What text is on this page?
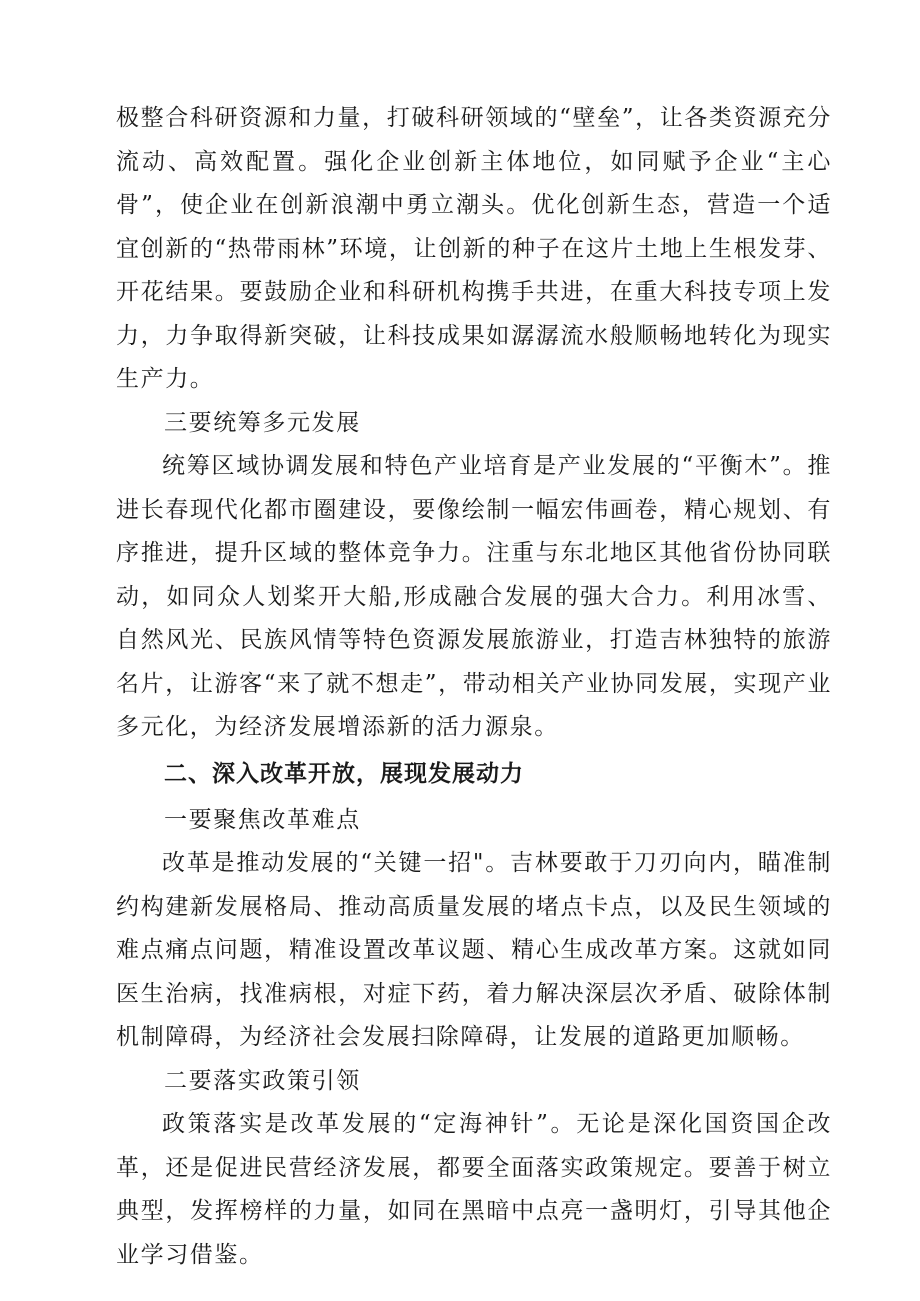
极整合科研资源和力量，打破科研领域的“壁垒”，让各类资源充分流动、高效配置。强化企业创新主体地位，如同赋予企业“主心骨”，使企业在创新浪潮中勇立潮头。优化创新生态，营造一个适宜创新的“热带雨林”环境，让创新的种子在这片土地上生根发芽、开花结果。要鼓励企业和科研机构携手共进，在重大科技专项上发力，力争取得新突破，让科技成果如潺潺流水般顺畅地转化为现实生产力。

三要统筹多元发展

统筹区域协调发展和特色产业培育是产业发展的“平衡木”。推进长春现代化都市圈建设，要像绘制一幅宏伟画卷，精心规划、有序推进，提升区域的整体竞争力。注重与东北地区其他省份协同联动，如同众人划桨开大船,形成融合发展的强大合力。利用冰雪、自然风光、民族风情等特色资源发展旅游业，打造吉林独特的旅游名片，让游客“来了就不想走”，带动相关产业协同发展，实现产业多元化，为经济发展增添新的活力源泉。

二、深入改革开放，展现发展动力

一要聚焦改革难点

改革是推动发展的“关键一招"。吉林要敢于刀刃向内，瞄准制约构建新发展格局、推动高质量发展的堵点卡点，以及民生领域的难点痛点问题，精准设置改革议题、精心生成改革方案。这就如同医生治病，找准病根，对症下药，着力解决深层次矛盾、破除体制机制障碍，为经济社会发展扫除障碍，让发展的道路更加顺畅。

二要落实政策引领

政策落实是改革发展的“定海神针”。无论是深化国资国企改革，还是促进民营经济发展，都要全面落实政策规定。要善于树立典型，发挥榜样的力量，如同在黑暗中点亮一盏明灯，引导其他企业学习借鉴。
